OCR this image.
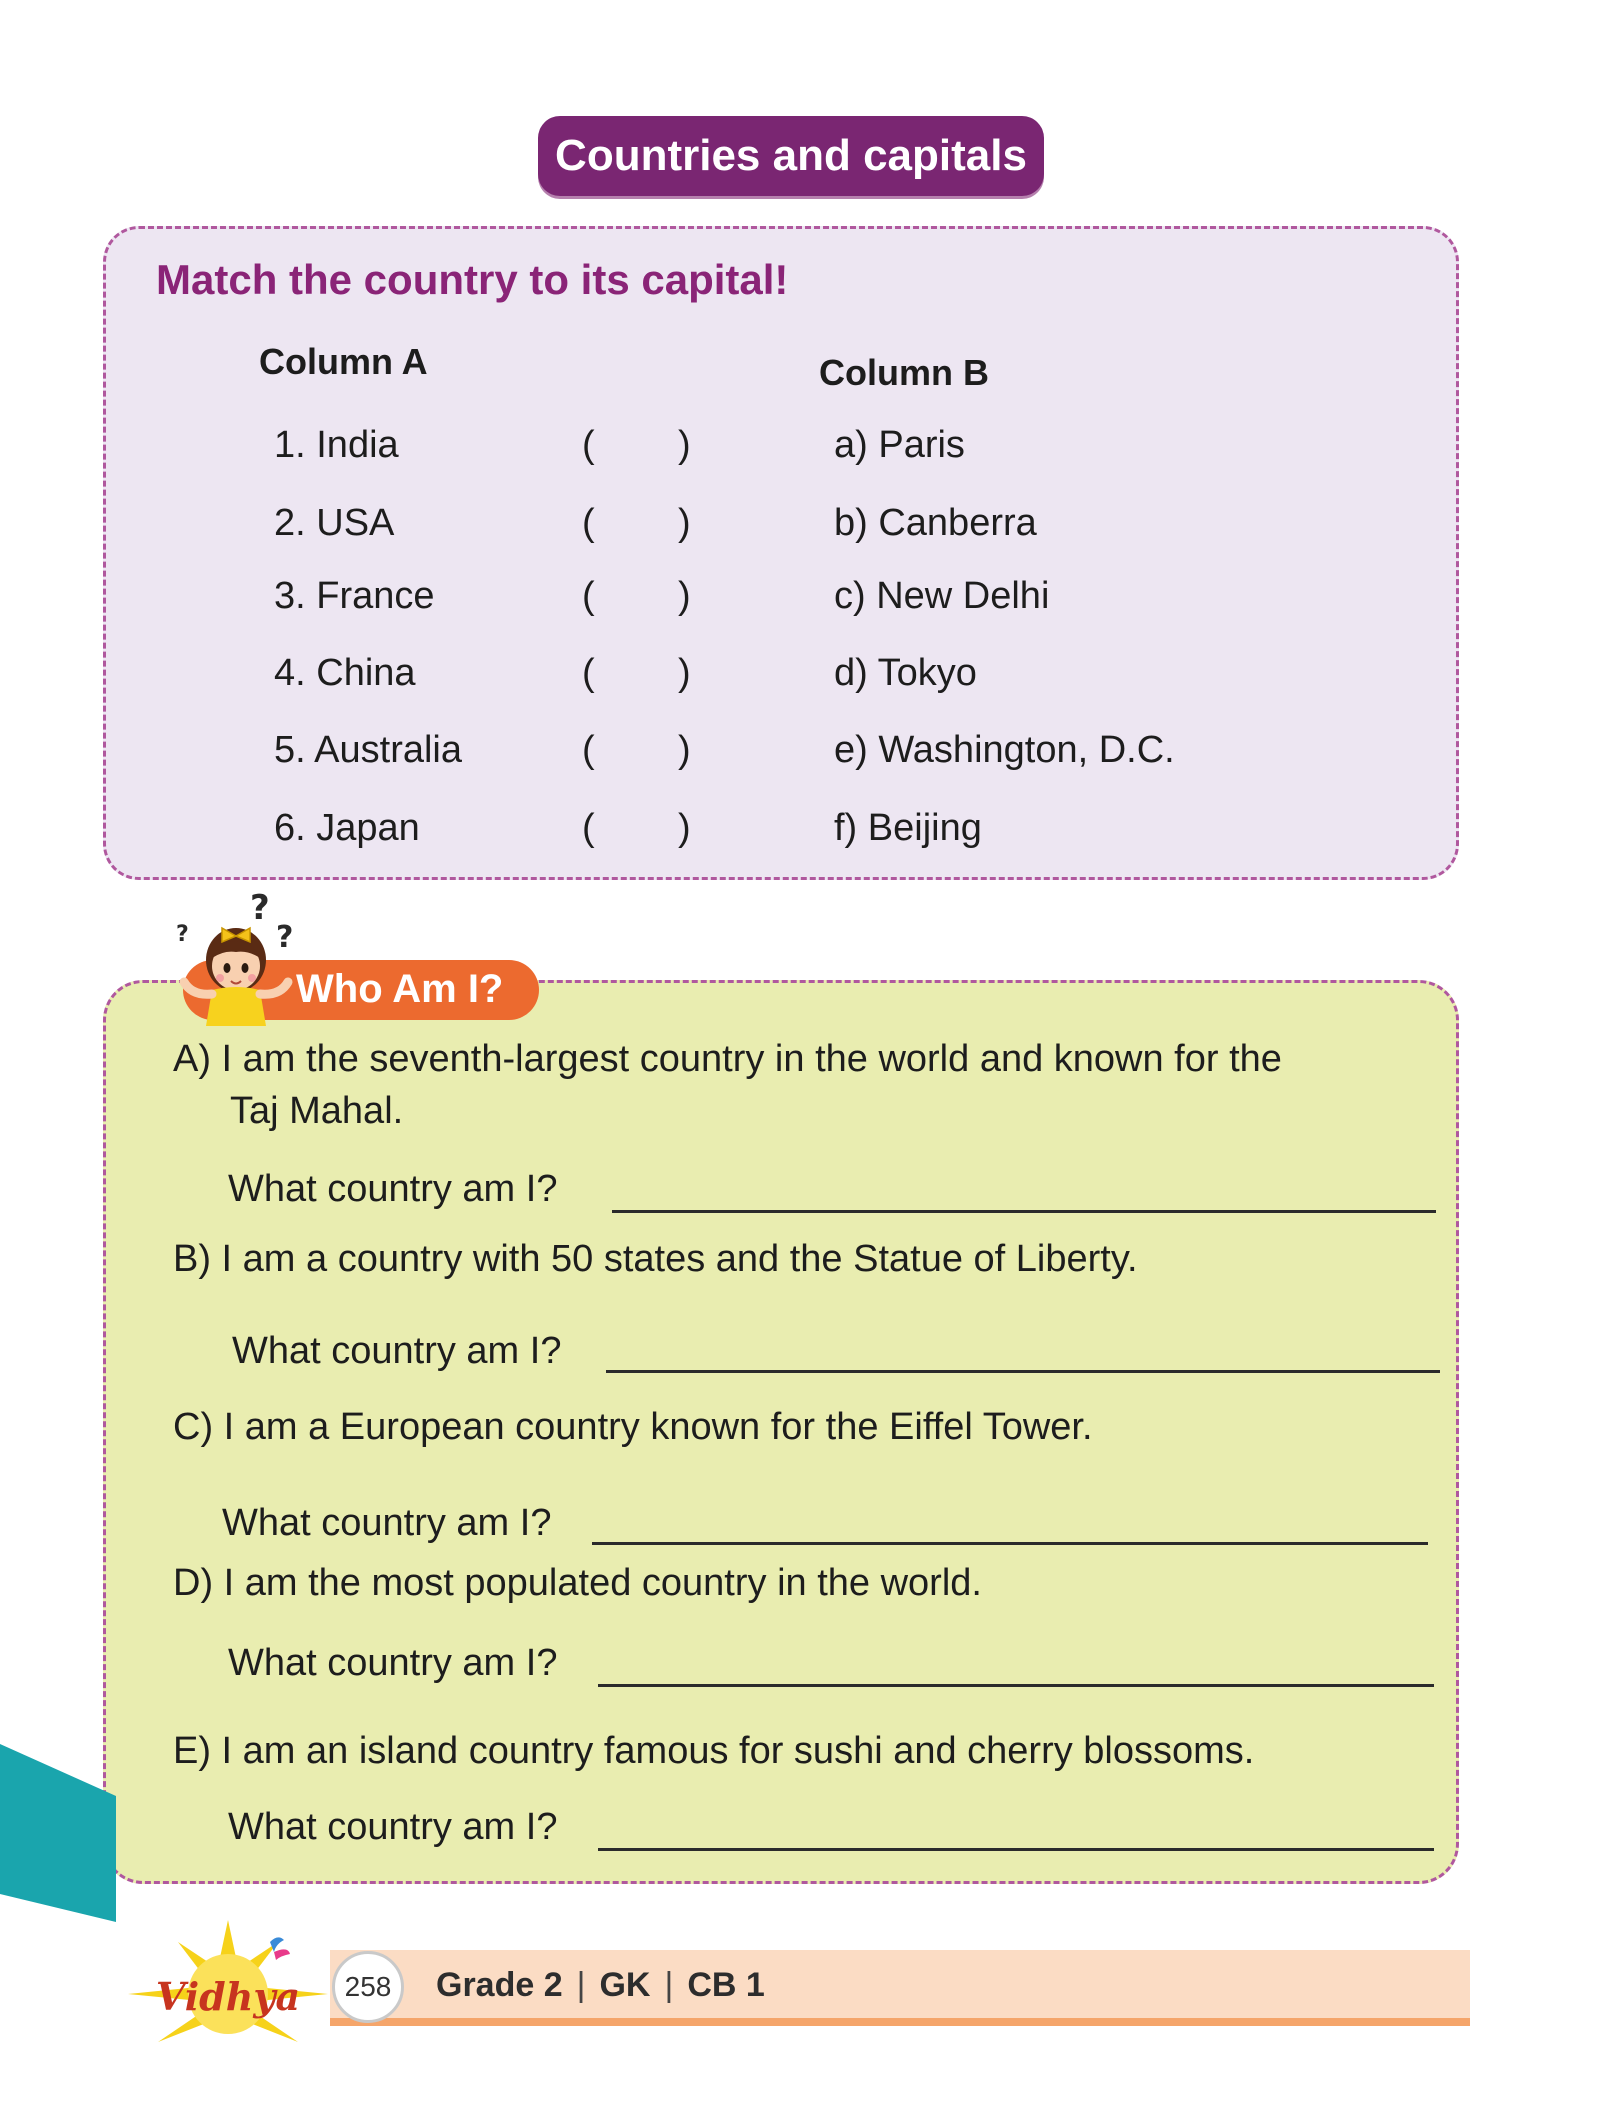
Countries and capitals
Match the country to its capital!
Column A	Column B
1. India	( )	a) Paris
2. USA	( )	b) Canberra
3. France	( )	c) New Delhi
4. China	( )	d) Tokyo
5. Australia	( )	e) Washington, D.C.
6. Japan	( )	f) Beijing
?
?	?
Who Am I?
A) I am the seventh-largest country in the world and known for the
Taj Mahal.
What country am I?
B) I am a country with 50 states and the Statue of Liberty.
What country am I?
C) I am a European country known for the Eiffel Tower.
What country am I?
D) I am the most populated country in the world.
What country am I?
E) I am an island country famous for sushi and cherry blossoms.
What country am I?
Vidhya 258 Grade 2 | GK | CB 1
